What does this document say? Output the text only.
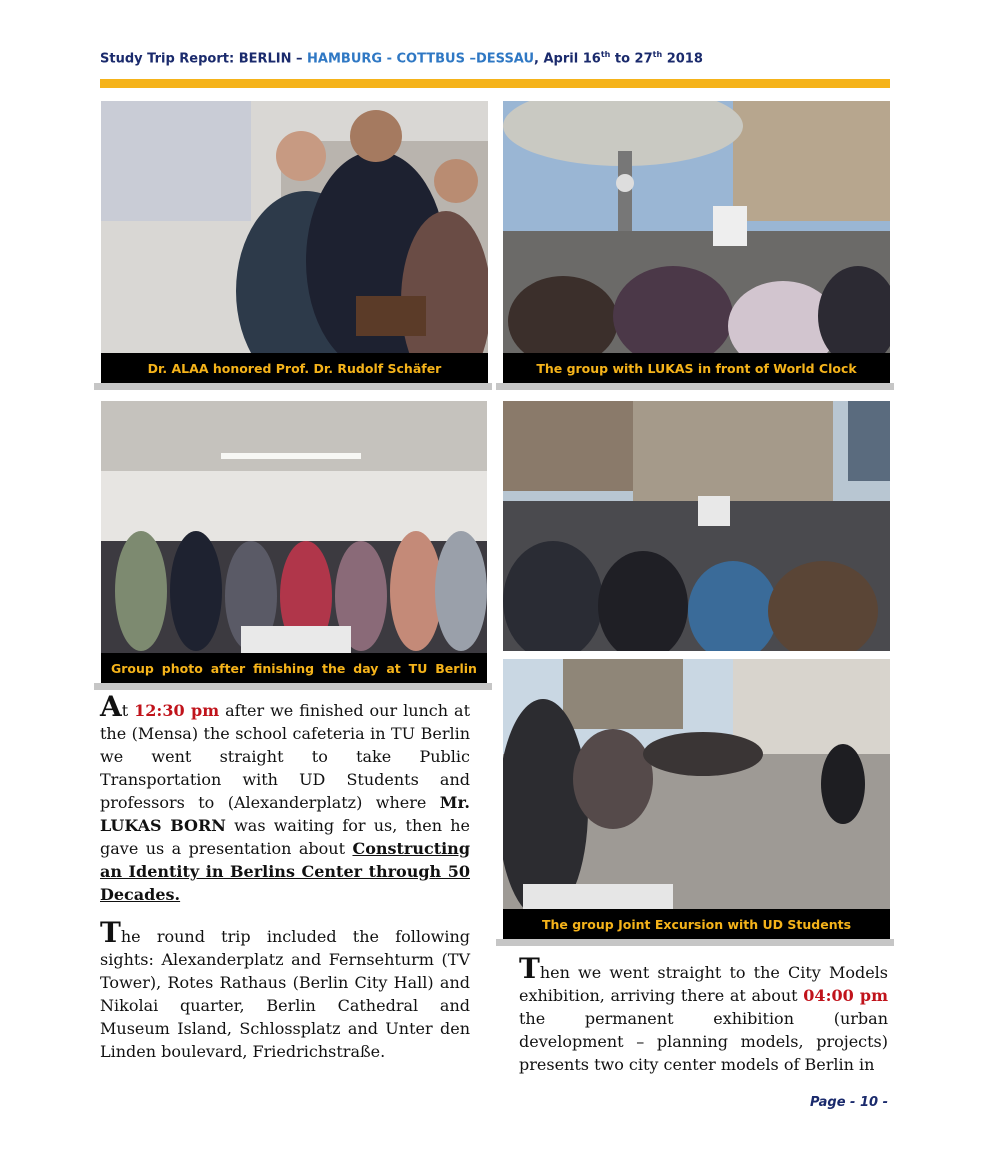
Study Trip Report: BERLIN – HAMBURG - COTTBUS –DESSAU, April 16th to 27th 2018
Dr. ALAA honored Prof. Dr. Rudolf Schäfer	The group with LUKAS in front of World Clock
Group photo after finishing the day at TU Berlin
The group Joint Excursion with UD Students
At 12:30 pm after we finished our lunch at the (Mensa) the school cafeteria in TU Berlin we went straight to take Public Transportation with UD Students and professors to (Alexanderplatz) where Mr. LUKAS BORN was waiting for us, then he gave us a presentation about Constructing an Identity in Berlins Center through 50 Decades.
The round trip included the following sights: Alexanderplatz and Fernsehturm (TV Tower), Rotes Rathaus (Berlin City Hall) and Nikolai quarter, Berlin Cathedral and Museum Island, Schlossplatz and Unter den Linden boulevard, Friedrichstraße.
Then we went straight to the City Models exhibition, arriving there at about 04:00 pm the permanent exhibition (urban development – planning models, projects) presents two city center models of Berlin in
Page - 10 -
